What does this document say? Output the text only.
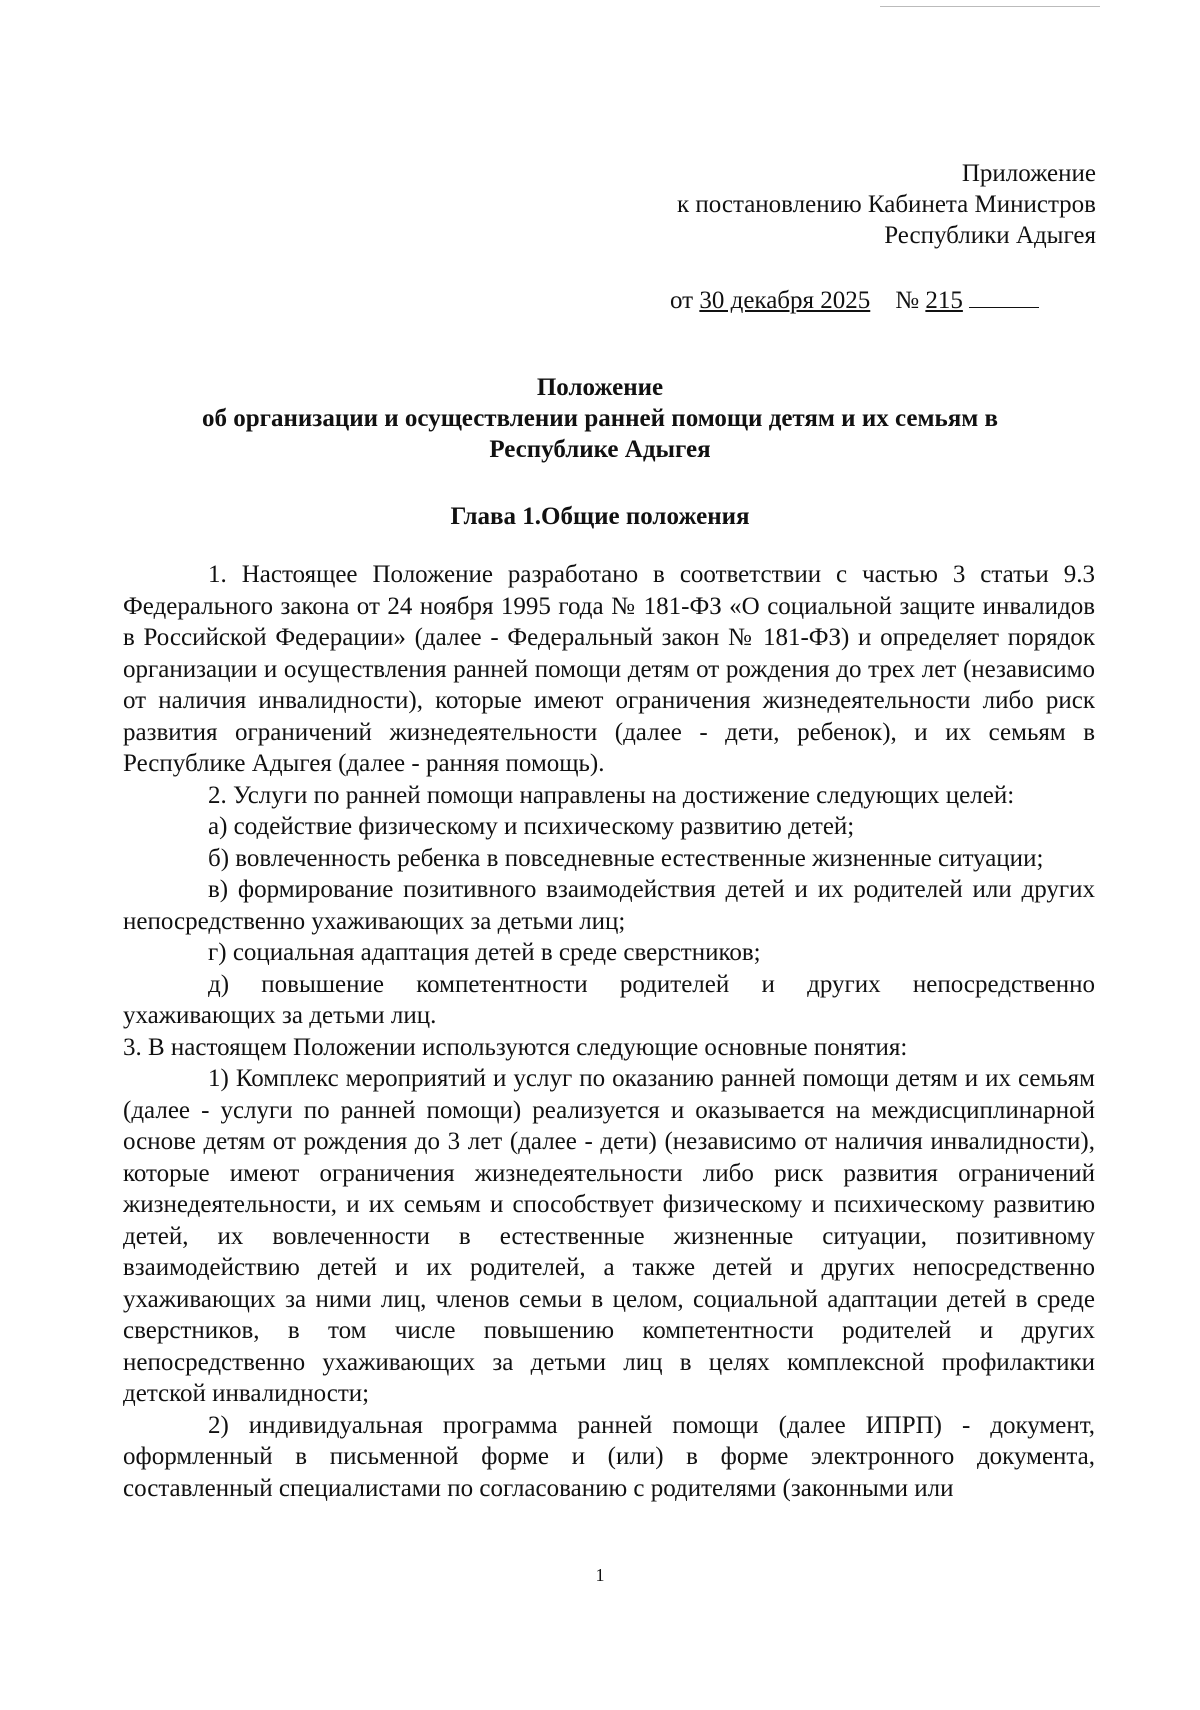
Приложение
к постановлению Кабинета Министров
Республики Адыгея
от 30 декабря 2025 № 215
Положение
об организации и осуществлении ранней помощи детям и их семьям в
Республике Адыгея
Глава 1.Общие положения

1. Настоящее Положение разработано в соответствии с частью 3 статьи 9.3 Федерального закона от 24 ноября 1995 года № 181-ФЗ «О социальной защите инвалидов в Российской Федерации» (далее - Федеральный закон № 181-ФЗ) и определяет порядок организации и осуществления ранней помощи детям от рождения до трех лет (независимо от наличия инвалидности), которые имеют ограничения жизнедеятельности либо риск развития ограничений жизнедеятельности (далее - дети, ребенок), и их семьям в Республике Адыгея (далее - ранняя помощь).

2. Услуги по ранней помощи направлены на достижение следующих целей:

а) содействие физическому и психическому развитию детей;

б) вовлеченность ребенка в повседневные естественные жизненные ситуации;

в) формирование позитивного взаимодействия детей и их родителей или других непосредственно ухаживающих за детьми лиц;

г) социальная адаптация детей в среде сверстников;

д) повышение компетентности родителей и других непосредственно ухаживающих за детьми лиц.

3. В настоящем Положении используются следующие основные понятия:

1) Комплекс мероприятий и услуг по оказанию ранней помощи детям и их семьям (далее - услуги по ранней помощи) реализуется и оказывается на междисциплинарной основе детям от рождения до 3 лет (далее - дети) (независимо от наличия инвалидности), которые имеют ограничения жизнедеятельности либо риск развития ограничений жизнедеятельности, и их семьям и способствует физическому и психическому развитию детей, их вовлеченности в естественные жизненные ситуации, позитивному взаимодействию детей и их родителей, а также детей и других непосредственно ухаживающих за ними лиц, членов семьи в целом, социальной адаптации детей в среде сверстников, в том числе повышению компетентности родителей и других непосредственно ухаживающих за детьми лиц в целях комплексной профилактики детской инвалидности;

2) индивидуальная программа ранней помощи (далее ИПРП) - документ, оформленный в письменной форме и (или) в форме электронного документа, составленный специалистами по согласованию с родителями (законными или

1
